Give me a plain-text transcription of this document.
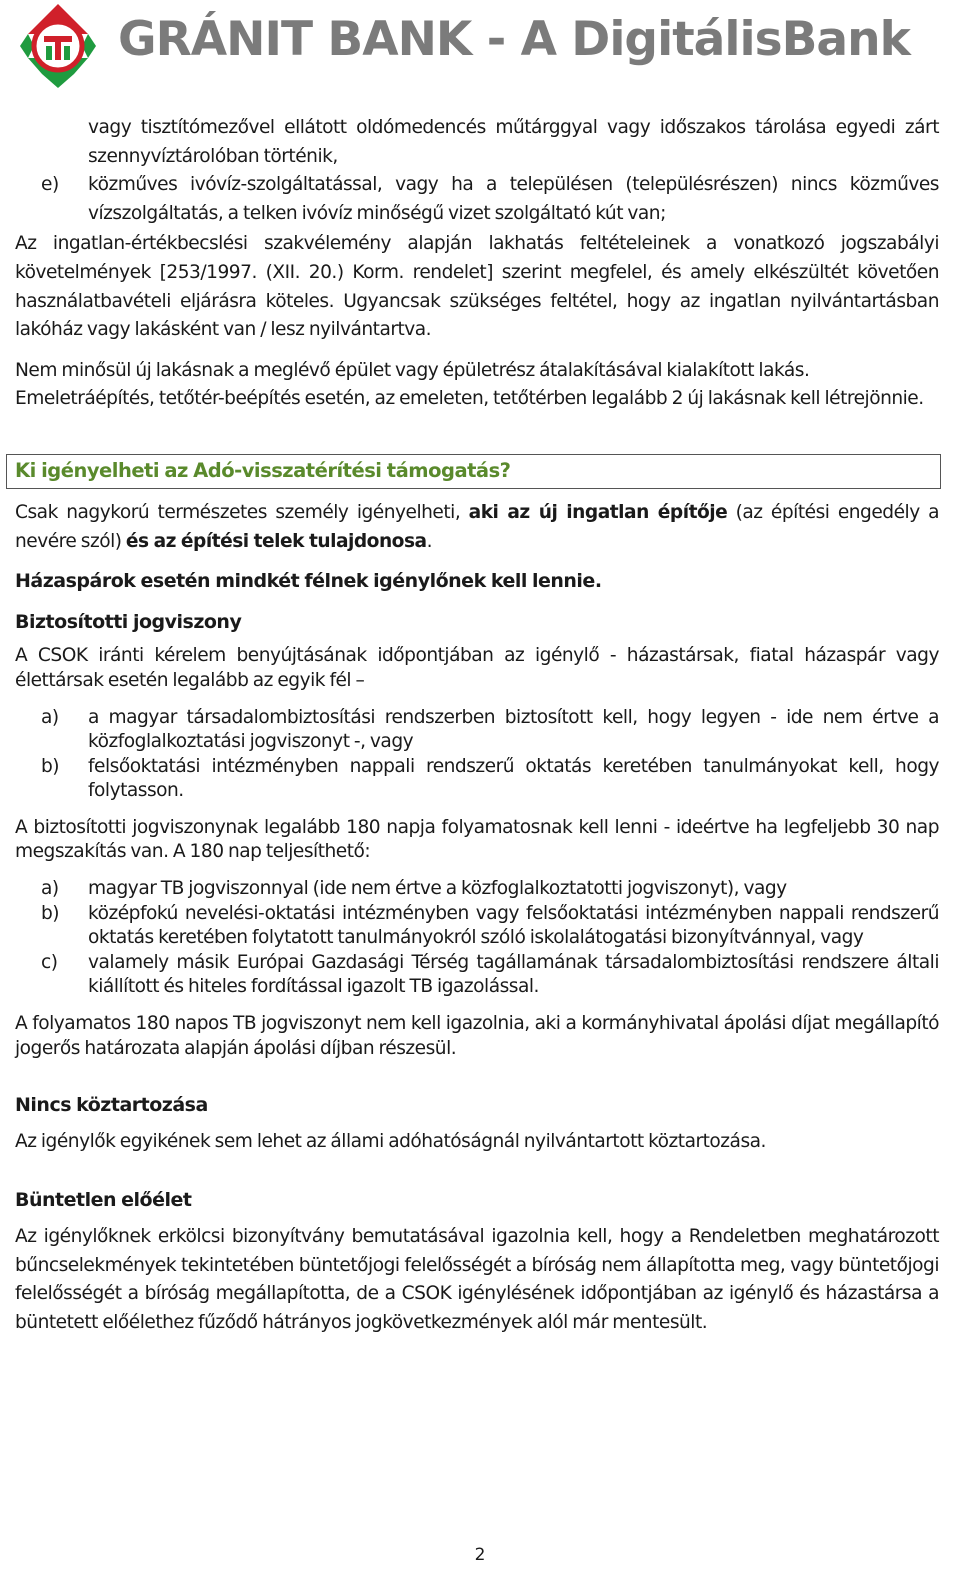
GRÁNIT BANK - A DigitálisBank

vagy tisztítómezővel ellátott oldómedencés műtárggyal vagy időszakos tárolása egyedi zárt szennyvíztárolóban történik,

e) közműves ivóvíz-szolgáltatással, vagy ha a településen (településrészen) nincs közműves vízszolgáltatás, a telken ivóvíz minőségű vizet szolgáltató kút van;

Az ingatlan-értékbecslési szakvélemény alapján lakhatás feltételeinek a vonatkozó jogszabályi követelmények [253/1997. (XII. 20.) Korm. rendelet] szerint megfelel, és amely elkészültét követően használatbavételi eljárásra köteles. Ugyancsak szükséges feltétel, hogy az ingatlan nyilvántartásban lakóház vagy lakásként van / lesz nyilvántartva.

Nem minősül új lakásnak a meglévő épület vagy épületrész átalakításával kialakított lakás.

Emeletráépítés, tetőtér-beépítés esetén, az emeleten, tetőtérben legalább 2 új lakásnak kell létrejönnie.

Ki igényelheti az Adó-visszatérítési támogatás?

Csak nagykorú természetes személy igényelheti, aki az új ingatlan építője (az építési engedély a nevére szól) és az építési telek tulajdonosa.

Házaspárok esetén mindkét félnek igénylőnek kell lennie.

Biztosítotti jogviszony

A CSOK iránti kérelem benyújtásának időpontjában az igénylő - házastársak, fiatal házaspár vagy élettársak esetén legalább az egyik fél –

a) a magyar társadalombiztosítási rendszerben biztosított kell, hogy legyen - ide nem értve a közfoglalkoztatási jogviszonyt -, vagy
b) felsőoktatási intézményben nappali rendszerű oktatás keretében tanulmányokat kell, hogy folytasson.

A biztosítotti jogviszonynak legalább 180 napja folyamatosnak kell lenni - ideértve ha legfeljebb 30 nap megszakítás van. A 180 nap teljesíthető:

a) magyar TB jogviszonnyal (ide nem értve a közfoglalkoztatotti jogviszonyt), vagy
b) középfokú nevelési-oktatási intézményben vagy felsőoktatási intézményben nappali rendszerű oktatás keretében folytatott tanulmányokról szóló iskolalátogatási bizonyítvánnyal, vagy
c) valamely másik Európai Gazdasági Térség tagállamának társadalombiztosítási rendszere általi kiállított és hiteles fordítással igazolt TB igazolással.

A folyamatos 180 napos TB jogviszonyt nem kell igazolnia, aki a kormányhivatal ápolási díjat megállapító jogerős határozata alapján ápolási díjban részesül.

Nincs köztartozása

Az igénylők egyikének sem lehet az állami adóhatóságnál nyilvántartott köztartozása.

Büntetlen előélet

Az igénylőknek erkölcsi bizonyítvány bemutatásával igazolnia kell, hogy a Rendeletben meghatározott bűncselekmények tekintetében büntetőjogi felelősségét a bíróság nem állapította meg, vagy büntetőjogi felelősségét a bíróság megállapította, de a CSOK igénylésének időpontjában az igénylő és házastársa a büntetett előélethez fűződő hátrányos jogkövetkezmények alól már mentesült.

2
